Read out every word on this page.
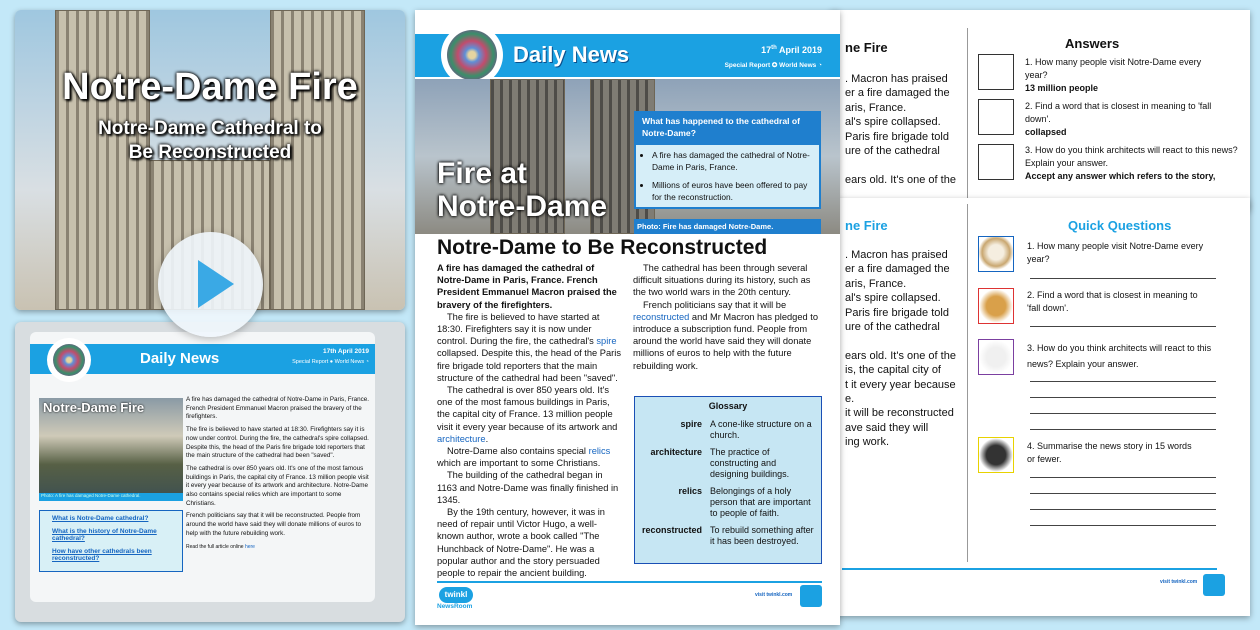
Notre-Dame Fire
Notre-Dame Cathedral to
Be Reconstructed
Daily News	17th April 2019
Special Report ● World News ◔
Notre-Dame Fire
Photo: A fire has damaged Notre-Dame cathedral.
What is Notre-Dame cathedral?
What is the history of Notre-Dame cathedral?
How have other cathedrals been reconstructed?
A fire has damaged the cathedral of Notre-Dame in Paris, France. French President Emmanuel Macron praised the bravery of the firefighters.
The fire is believed to have started at 18:30. Firefighters say it is now under control. During the fire, the cathedral's spire collapsed. Despite this, the head of the Paris fire brigade told reporters that the main structure of the cathedral had been "saved".
The cathedral is over 850 years old. It's one of the most famous buildings in Paris, the capital city of France. 13 million people visit it every year because of its artwork and architecture. Notre-Dame also contains special relics which are important to some Christians.
French politicians say that it will be reconstructed. People from around the world have said they will donate millions of euros to help with the future rebuilding work.
Read the full article online here
ne Fire
. Macron has praised
er a fire damaged the
aris, France.
al's spire collapsed.
Paris fire brigade told
ure of the cathedral
ears old. It's one of the
Answers
1. How many people visit Notre-Dame every year?
13 million people
2. Find a word that is closest in meaning to 'fall down'.
collapsed
3. How do you think architects will react to this news? Explain your answer.
Accept any answer which refers to the story,
ne Fire
. Macron has praised
er a fire damaged the
aris, France.
al's spire collapsed.
Paris fire brigade told
ure of the cathedral
ears old. It's one of the
is, the capital city of
t it every year because
e.
it will be reconstructed
ave said they will
ing work.
Quick Questions
1. How many people visit Notre-Dame every year?
2. Find a word that is closest in meaning to 'fall down'.
3. How do you think architects will react to this news? Explain your answer.
4. Summarise the news story in 15 words or fewer.
visit twinkl.com
Daily News	17th April 2019
Special Report ✪ World News ◔
Fire at
Notre-Dame
What has happened to the cathedral of Notre-Dame?
• A fire has damaged the cathedral of Notre-Dame in Paris, France.
• Millions of euros have been offered to pay for the reconstruction.
Photo: Fire has damaged Notre-Dame.
Notre-Dame to Be Reconstructed

A fire has damaged the cathedral of Notre-Dame in Paris, France. French President Emmanuel Macron praised the bravery of the firefighters.

The fire is believed to have started at 18:30. Firefighters say it is now under control. During the fire, the cathedral's spire collapsed. Despite this, the head of the Paris fire brigade told reporters that the main structure of the cathedral had been "saved".

The cathedral is over 850 years old. It's one of the most famous buildings in Paris, the capital city of France. 13 million people visit it every year because of its artwork and architecture.

Notre-Dame also contains special relics which are important to some Christians.

The building of the cathedral began in 1163 and Notre-Dame was finally finished in 1345.

By the 19th century, however, it was in need of repair until Victor Hugo, a well-known author, wrote a book called "The Hunchback of Notre-Dame". He was a popular author and the story persuaded people to repair the ancient building.

The cathedral has been through several difficult situations during its history, such as the two world wars in the 20th century.

French politicians say that it will be reconstructed and Mr Macron has pledged to introduce a subscription fund. People from around the world have said they will donate millions of euros to help with the future rebuilding work.

Glossary
spire	A cone-like structure on a church.
architecture	The practice of constructing and designing buildings.
relics	Belongings of a holy person that are important to people of faith.
reconstructed	To rebuild something after it has been destroyed.
twinkl
NewsRoom
visit twinkl.com
